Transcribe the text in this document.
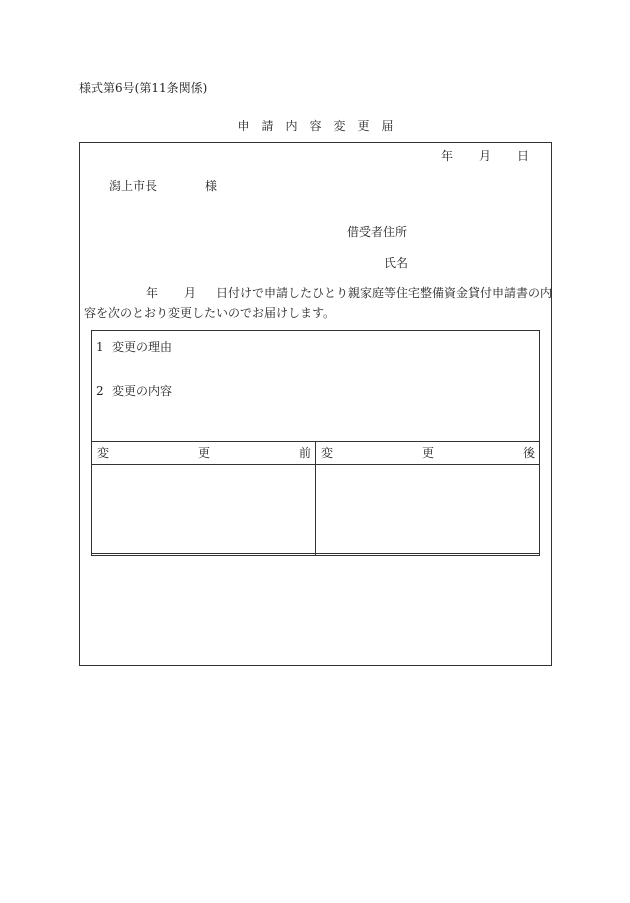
様式第6号(第11条関係)
申 請 内 容 変 更 届
年 月 日
潟上市長	様
借受者住所
氏名
年 月 日付けで申請したひとり親家庭等住宅整備資金貸付申請書の内
容を次のとおり変更したいのでお届けします。
1 変更の理由
2 変更の内容
変 更 前	変 更 後
